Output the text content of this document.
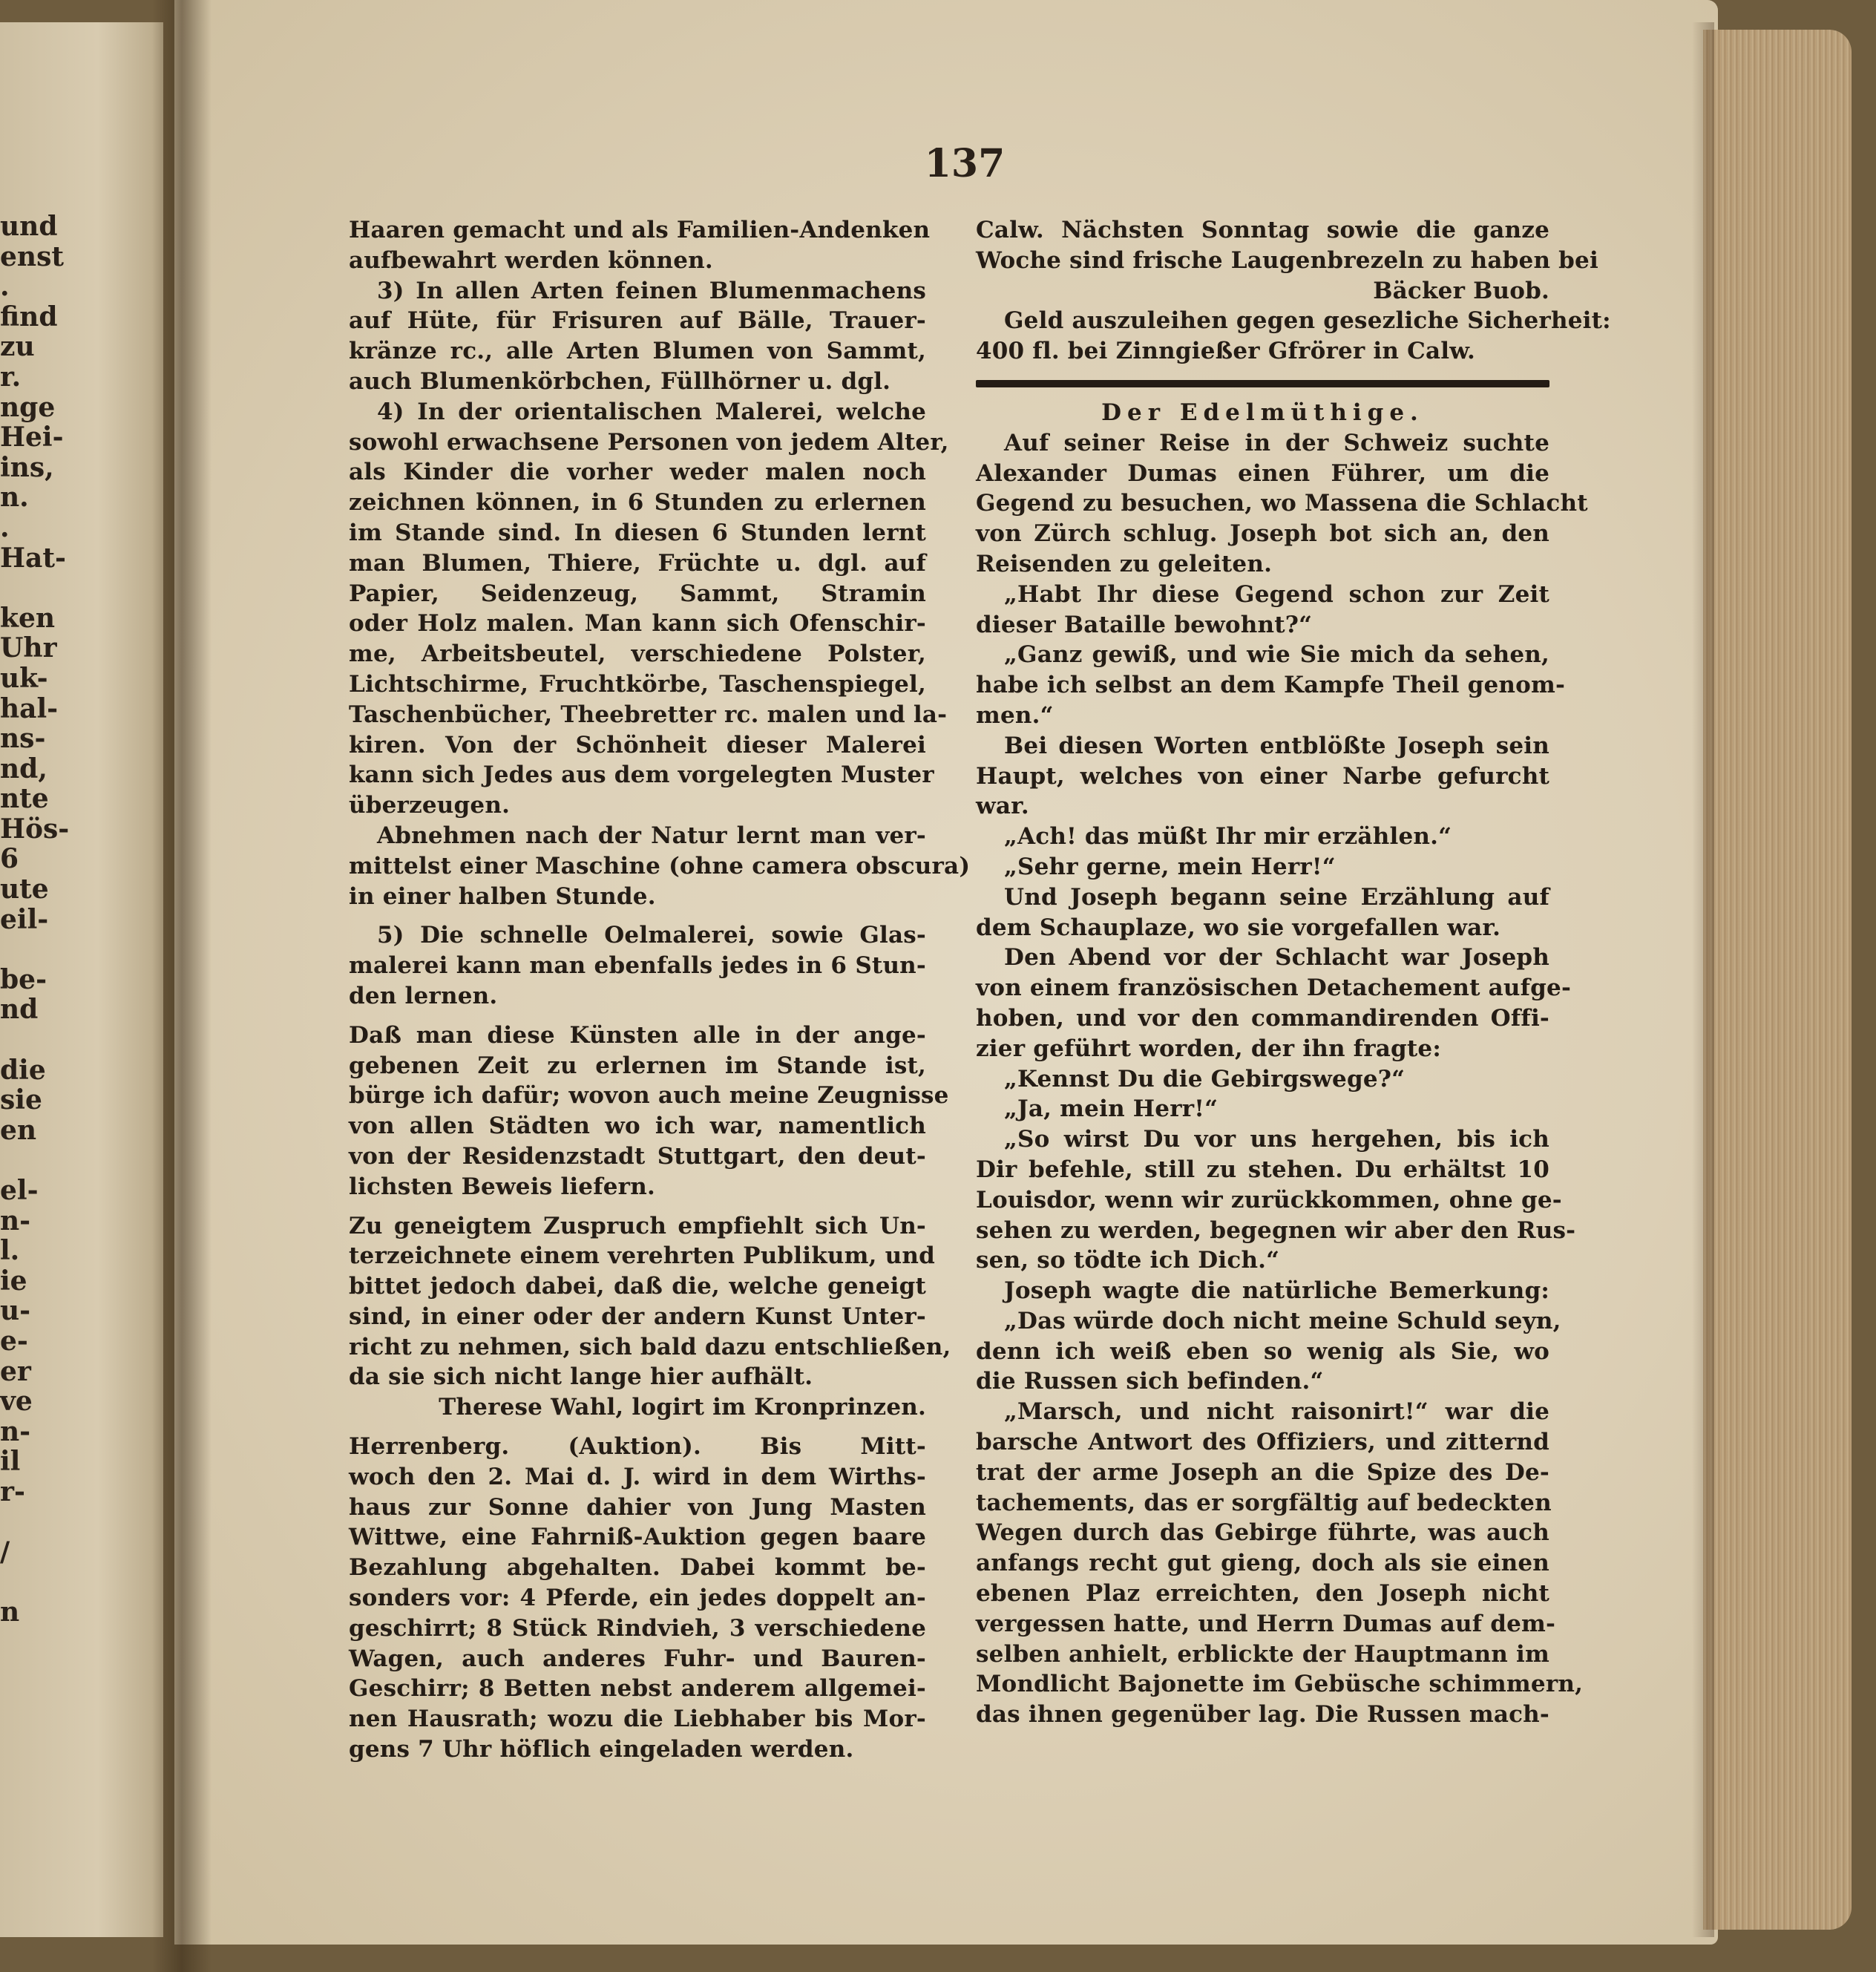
und
enst
.
find
zu
r.
nge
Hei-
ins,
n.
.
Hat-
ken
Uhr
uk-
hal-
ns-
nd,
nte
Hös-
6
ute
eil-
be-
nd
die
sie
en
el-
n-
l.
ie
u-
e-
er
ve
n-
il
r-
/
n
137
Haaren gemacht und als Familien-Andenken
aufbewahrt werden können.
3) In allen Arten feinen Blumenmachens
auf Hüte, für Frisuren auf Bälle, Trauer-
kränze rc., alle Arten Blumen von Sammt,
auch Blumenkörbchen, Füllhörner u. dgl.
4) In der orientalischen Malerei, welche
sowohl erwachsene Personen von jedem Alter,
als Kinder die vorher weder malen noch
zeichnen können, in 6 Stunden zu erlernen
im Stande sind. In diesen 6 Stunden lernt
man Blumen, Thiere, Früchte u. dgl. auf
Papier, Seidenzeug, Sammt, Stramin
oder Holz malen. Man kann sich Ofenschir-
me, Arbeitsbeutel, verschiedene Polster,
Lichtschirme, Fruchtkörbe, Taschenspiegel,
Taschenbücher, Theebretter rc. malen und la-
kiren. Von der Schönheit dieser Malerei
kann sich Jedes aus dem vorgelegten Muster
überzeugen.
Abnehmen nach der Natur lernt man ver-
mittelst einer Maschine (ohne camera obscura)
in einer halben Stunde.
5) Die schnelle Oelmalerei, sowie Glas-
malerei kann man ebenfalls jedes in 6 Stun-
den lernen.
Daß man diese Künsten alle in der ange-
gebenen Zeit zu erlernen im Stande ist,
bürge ich dafür; wovon auch meine Zeugnisse
von allen Städten wo ich war, namentlich
von der Residenzstadt Stuttgart, den deut-
lichsten Beweis liefern.
Zu geneigtem Zuspruch empfiehlt sich Un-
terzeichnete einem verehrten Publikum, und
bittet jedoch dabei, daß die, welche geneigt
sind, in einer oder der andern Kunst Unter-
richt zu nehmen, sich bald dazu entschließen,
da sie sich nicht lange hier aufhält.
Therese Wahl, logirt im Kronprinzen.
Herrenberg. (Auktion). Bis Mitt-
woch den 2. Mai d. J. wird in dem Wirths-
haus zur Sonne dahier von Jung Masten
Wittwe, eine Fahrniß-Auktion gegen baare
Bezahlung abgehalten. Dabei kommt be-
sonders vor: 4 Pferde, ein jedes doppelt an-
geschirrt; 8 Stück Rindvieh, 3 verschiedene
Wagen, auch anderes Fuhr- und Bauren-
Geschirr; 8 Betten nebst anderem allgemei-
nen Hausrath; wozu die Liebhaber bis Mor-
gens 7 Uhr höflich eingeladen werden.
Calw. Nächsten Sonntag sowie die ganze
Woche sind frische Laugenbrezeln zu haben bei
Bäcker Buob.
Geld auszuleihen gegen gesezliche Sicherheit:
400 fl. bei Zinngießer Gfrörer in Calw.
Der Edelmüthige.
Auf seiner Reise in der Schweiz suchte
Alexander Dumas einen Führer, um die
Gegend zu besuchen, wo Massena die Schlacht
von Zürch schlug. Joseph bot sich an, den
Reisenden zu geleiten.
„Habt Ihr diese Gegend schon zur Zeit
dieser Bataille bewohnt?“
„Ganz gewiß, und wie Sie mich da sehen,
habe ich selbst an dem Kampfe Theil genom-
men.“
Bei diesen Worten entblößte Joseph sein
Haupt, welches von einer Narbe gefurcht
war.
„Ach! das müßt Ihr mir erzählen.“
„Sehr gerne, mein Herr!“
Und Joseph begann seine Erzählung auf
dem Schauplaze, wo sie vorgefallen war.
Den Abend vor der Schlacht war Joseph
von einem französischen Detachement aufge-
hoben, und vor den commandirenden Offi-
zier geführt worden, der ihn fragte:
„Kennst Du die Gebirgswege?“
„Ja, mein Herr!“
„So wirst Du vor uns hergehen, bis ich
Dir befehle, still zu stehen. Du erhältst 10
Louisdor, wenn wir zurückkommen, ohne ge-
sehen zu werden, begegnen wir aber den Rus-
sen, so tödte ich Dich.“
Joseph wagte die natürliche Bemerkung:
„Das würde doch nicht meine Schuld seyn,
denn ich weiß eben so wenig als Sie, wo
die Russen sich befinden.“
„Marsch, und nicht raisonirt!“ war die
barsche Antwort des Offiziers, und zitternd
trat der arme Joseph an die Spize des De-
tachements, das er sorgfältig auf bedeckten
Wegen durch das Gebirge führte, was auch
anfangs recht gut gieng, doch als sie einen
ebenen Plaz erreichten, den Joseph nicht
vergessen hatte, und Herrn Dumas auf dem-
selben anhielt, erblickte der Hauptmann im
Mondlicht Bajonette im Gebüsche schimmern,
das ihnen gegenüber lag. Die Russen mach-
